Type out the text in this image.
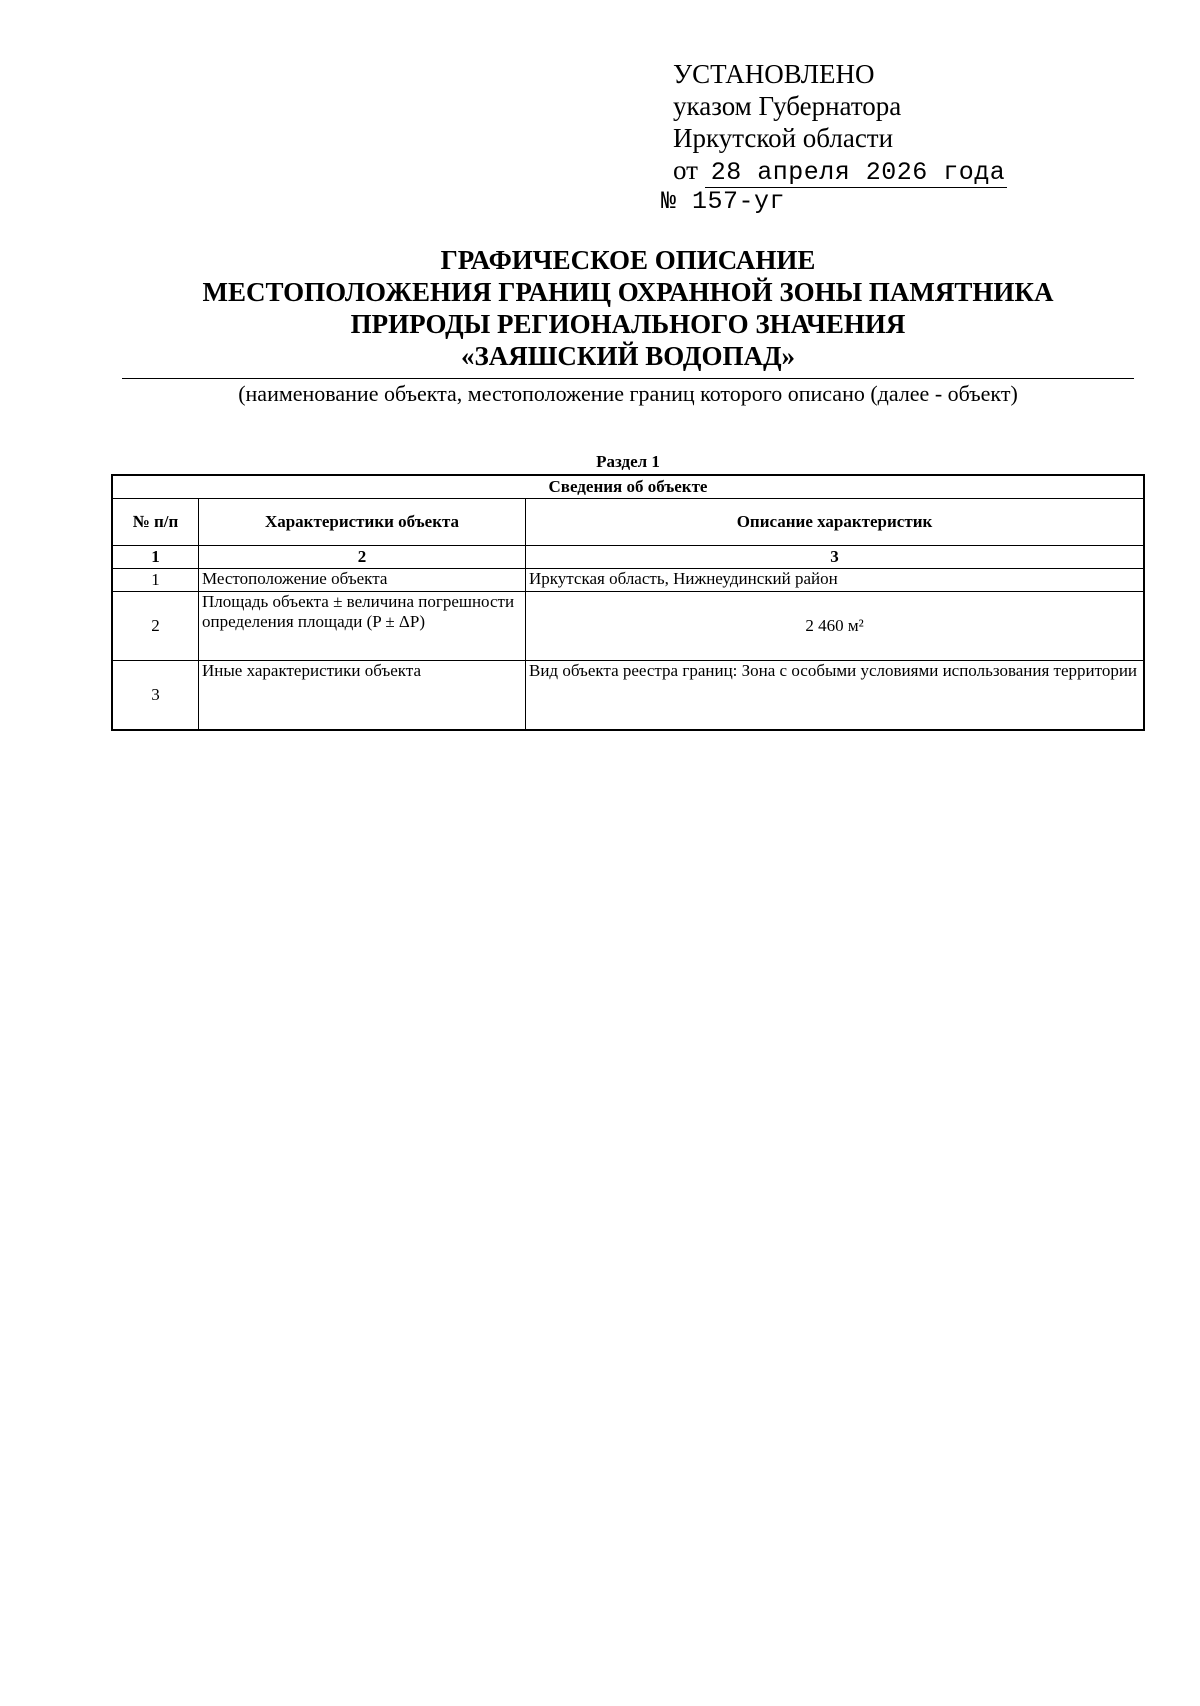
УСТАНОВЛЕНО
указом Губернатора
Иркутской области
от 28 апреля 2026 года
№ 157-уг
ГРАФИЧЕСКОЕ ОПИСАНИЕ
МЕСТОПОЛОЖЕНИЯ ГРАНИЦ ОХРАННОЙ ЗОНЫ ПАМЯТНИКА
ПРИРОДЫ РЕГИОНАЛЬНОГО ЗНАЧЕНИЯ
«ЗАЯШСКИЙ ВОДОПАД»
(наименование объекта, местоположение границ которого описано (далее - объект)
Раздел 1
Сведения об объекте		
№ п/п	Характеристики объекта	Описание характеристик
1	2	3
1	Местоположение объекта	Иркутская область, Нижнеудинский район
2	Площадь объекта ± величина погрешности определения площади (P ± ΔP)	2 460 м²
3	Иные характеристики объекта	Вид объекта реестра границ: Зона с особыми условиями использования территории
